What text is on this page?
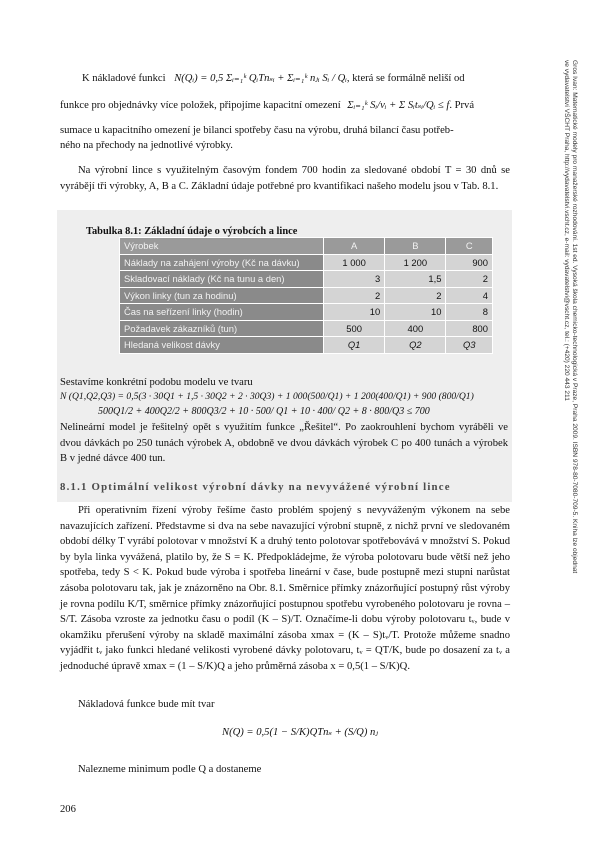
K nákladové funkci N(Qᵢ) = 0,5 Σᵢ₌₁ᵏ QᵢTnₛᵢ + Σᵢ₌₁ᵏ nⱼᵢ Sᵢ / Qᵢ, která se formálně neliší od
funkce pro objednávky více položek, připojíme kapacitní omezení Σᵢ₌₁ᵏ Sᵢ/vᵢ + Σ Sᵢtₛᵢ/Qᵢ ≤ f. Prvá
sumace u kapacitního omezení je bilanci spotřeby času na výrobu, druhá bilancí času potřeb-
ného na přechody na jednotlivé výrobky.

Na výrobní lince s využitelným časovým fondem 700 hodin za sledované období T = 30 dnů se vyrábějí tři výrobky, A, B a C. Základní údaje potřebné pro kvantifikaci našeho modelu jsou v Tab. 8.1.

Tabulka 8.1: Základní údaje o výrobcích a lince
Výrobek	A	B	C
Náklady na zahájení výroby (Kč na dávku)	1 000	1 200	900
Skladovací náklady (Kč na tunu a den)	3	1,5	2
Výkon linky (tun za hodinu)	2	2	4
Čas na seřízení linky (hodin)	10	10	8
Požadavek zákazníků (tun)	500	400	800
Hledaná velikost dávky	Q1	Q2	Q3
Sestavíme konkrétní podobu modelu ve tvaru
N (Q1,Q2,Q3) = 0,5(3 · 30Q1 + 1,5 · 30Q2 + 2 · 30Q3) + 1 000(500/Q1) + 1 200(400/Q1) + 900 (800/Q1)
500Q1/2 + 400Q2/2 + 800Q3/2 + 10 · 500/ Q1 + 10 · 400/ Q2 + 8 · 800/Q3 ≤ 700

Nelineární model je řešitelný opět s využitím funkce „Řešitel“. Po zaokrouhlení bychom vyráběli ve dvou dávkách po 250 tunách výrobek A, obdobně ve dvou dávkách výrobek C po 400 tunách a výrobek B v jedné dávce 400 tun.

8.1.1 Optimální velikost výrobní dávky na nevyvážené výrobní lince

Při operativním řízení výroby řešíme často problém spojený s nevyváženým výkonem na sebe navazujících zařízení. Představme si dva na sebe navazující výrobní stupně, z nichž první ve sledovaném období délky T vyrábí polotovar v množství K a druhý tento polotovar spotřebovává v množství S. Pokud by byla linka vyvážená, platilo by, že S = K. Předpokládejme, že výroba polotovaru bude větší než jeho spotřeba, tedy S < K. Pokud bude výroba i spotřeba lineární v čase, bude postupně mezi stupni narůstat zásoba polotovaru tak, jak je znázorněno na Obr. 8.1. Směrnice přímky znázorňující postupný růst výroby je rovna podílu K/T, směrnice přímky znázorňující postupnou spotřebu vyrobeného polotovaru je rovna –S/T. Zásoba vzroste za jednotku času o podíl (K – S)/T. Označíme-li dobu výroby polotovaru tᵥ, bude v okamžiku přerušení výroby na skladě maximální zásoba xmax = (K – S)tᵥ/T. Protože můžeme snadno vyjádřit tᵥ jako funkci hledané velikosti vyrobené dávky polotovaru, tᵥ = QT/K, bude po dosazení za tᵥ a jednoduché úpravě xmax = (1 – S/K)Q a jeho průměrná zásoba x = 0,5(1 – S/K)Q.

Nákladová funkce bude mít tvar
N(Q) = 0,5(1 − S/K)QTnₛ + (S/Q) nⱼ
Nalezneme minimum podle Q a dostaneme
Gros Ivan: Matematické modely pro manažerské rozhodování. 1st ed. Vysoká škola chemicko-technologická v Praze, Praha 2009. ISBN 978-80-7080-709-5. Kniha lze objednat ve vydavatelství VŠCHT Praha, http://vydavatelstvi.vscht.cz, e-mail: vydavatelstvi@vscht.cz, tel.: (+420) 220 443 211
206
